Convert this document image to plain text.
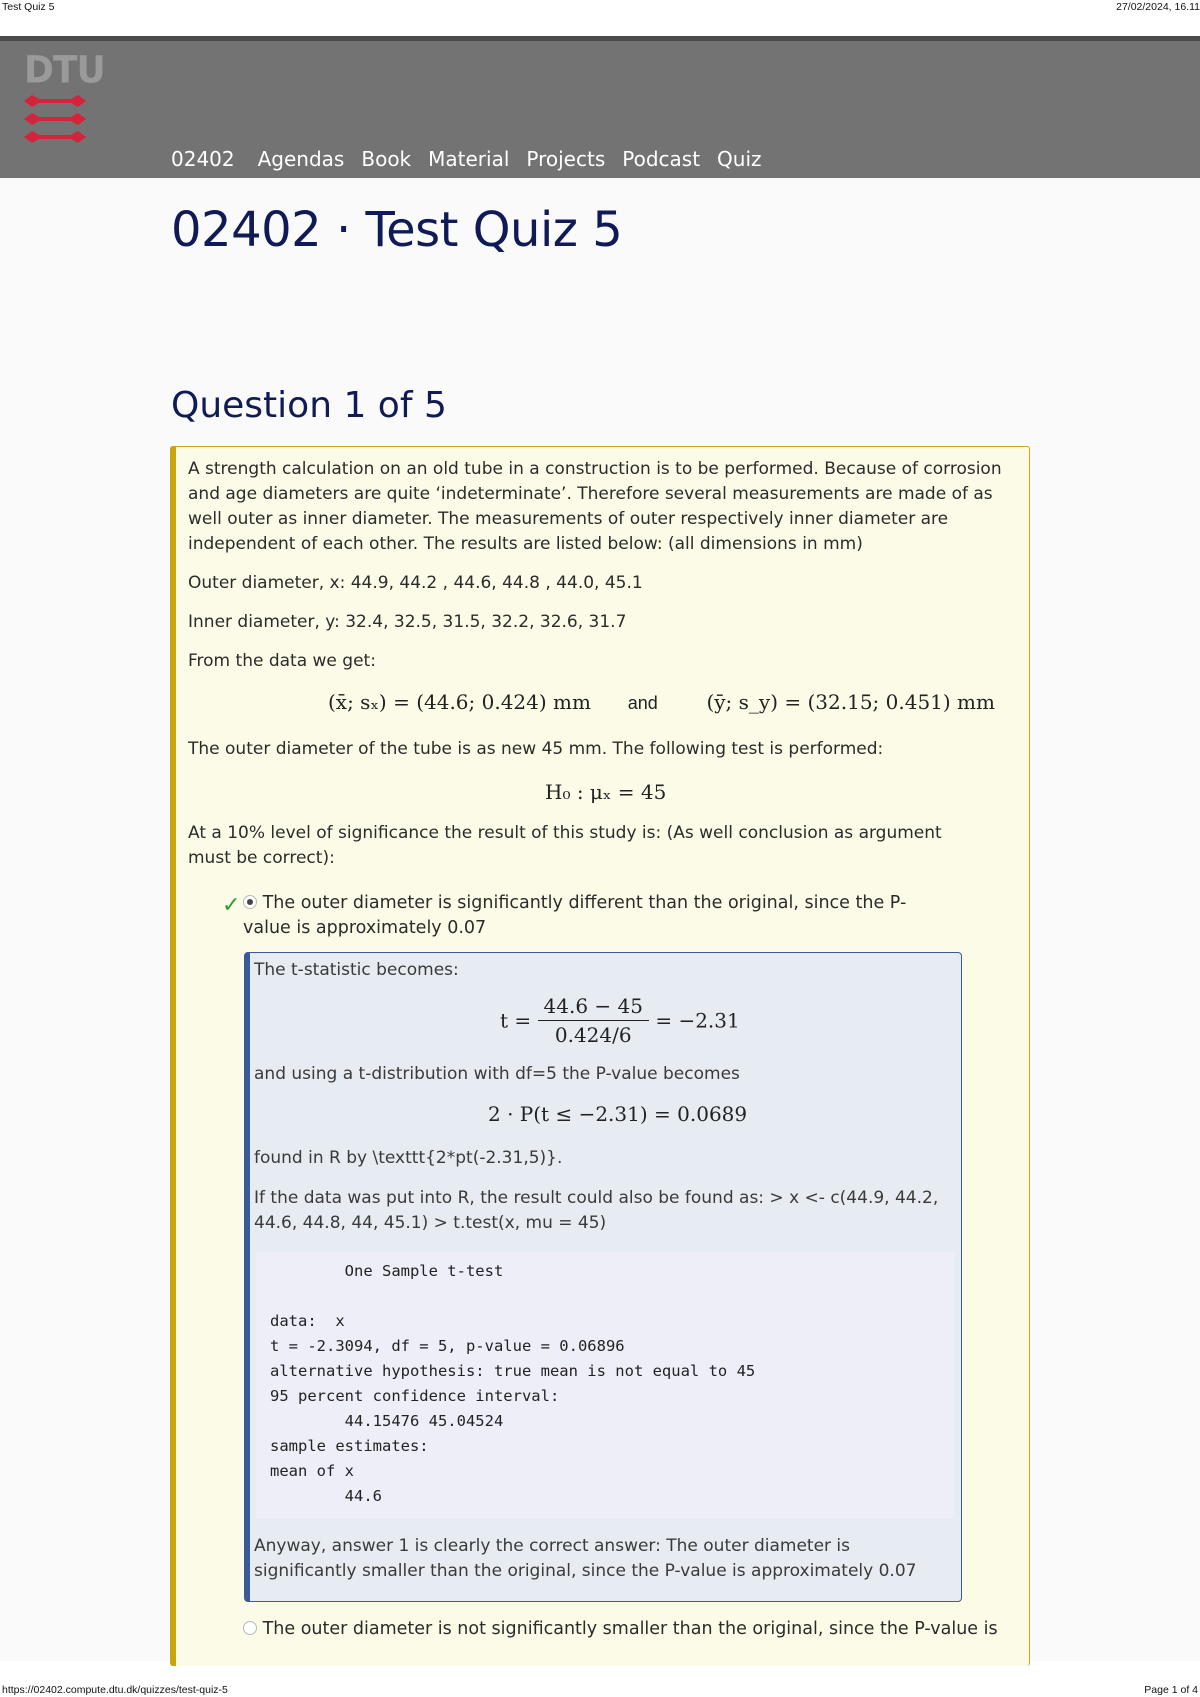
Test Quiz 5	27/02/2024, 16.11
DTU
02402 Agendas Book Material Projects Podcast Quiz
02402 · Test Quiz 5
Question 1 of 5
A strength calculation on an old tube in a construction is to be performed. Because of corrosion and age diameters are quite ‘indeterminate’. Therefore several measurements are made of as well outer as inner diameter. The measurements of outer respectively inner diameter are independent of each other. The results are listed below: (all dimensions in mm)
Outer diameter, x: 44.9, 44.2 , 44.6, 44.8 , 44.0, 45.1
Inner diameter, y: 32.4, 32.5, 31.5, 32.2, 32.6, 31.7
From the data we get:
(x̄; sₓ) = (44.6; 0.424) mm and (ȳ; s_y) = (32.15; 0.451) mm
The outer diameter of the tube is as new 45 mm. The following test is performed:
H₀ : μₓ = 45
At a 10% level of significance the result of this study is: (As well conclusion as argument must be correct):
✓	The outer diameter is significantly different than the original, since the P-value is approximately 0.07
The t-statistic becomes:
$t = \frac{44.6 - 45}{0.424/6} = -2.31$
and using a t-distribution with df=5 the P-value becomes
2 · P(t ≤ −2.31) = 0.0689
found in R by \texttt{2*pt(-2.31,5)}.
If the data was put into R, the result could also be found as: > x <- c(44.9, 44.2, 44.6, 44.8, 44, 45.1) > t.test(x, mu = 45)
One Sample t-test
data:  x
t = -2.3094, df = 5, p-value = 0.06896
alternative hypothesis: true mean is not equal to 45
95 percent confidence interval:
44.15476 45.04524
sample estimates:
mean of x
44.6
Anyway, answer 1 is clearly the correct answer: The outer diameter is significantly smaller than the original, since the P-value is approximately 0.07
The outer diameter is not significantly smaller than the original, since the P-value is
https://02402.compute.dtu.dk/quizzes/test-quiz-5	Page 1 of 4
